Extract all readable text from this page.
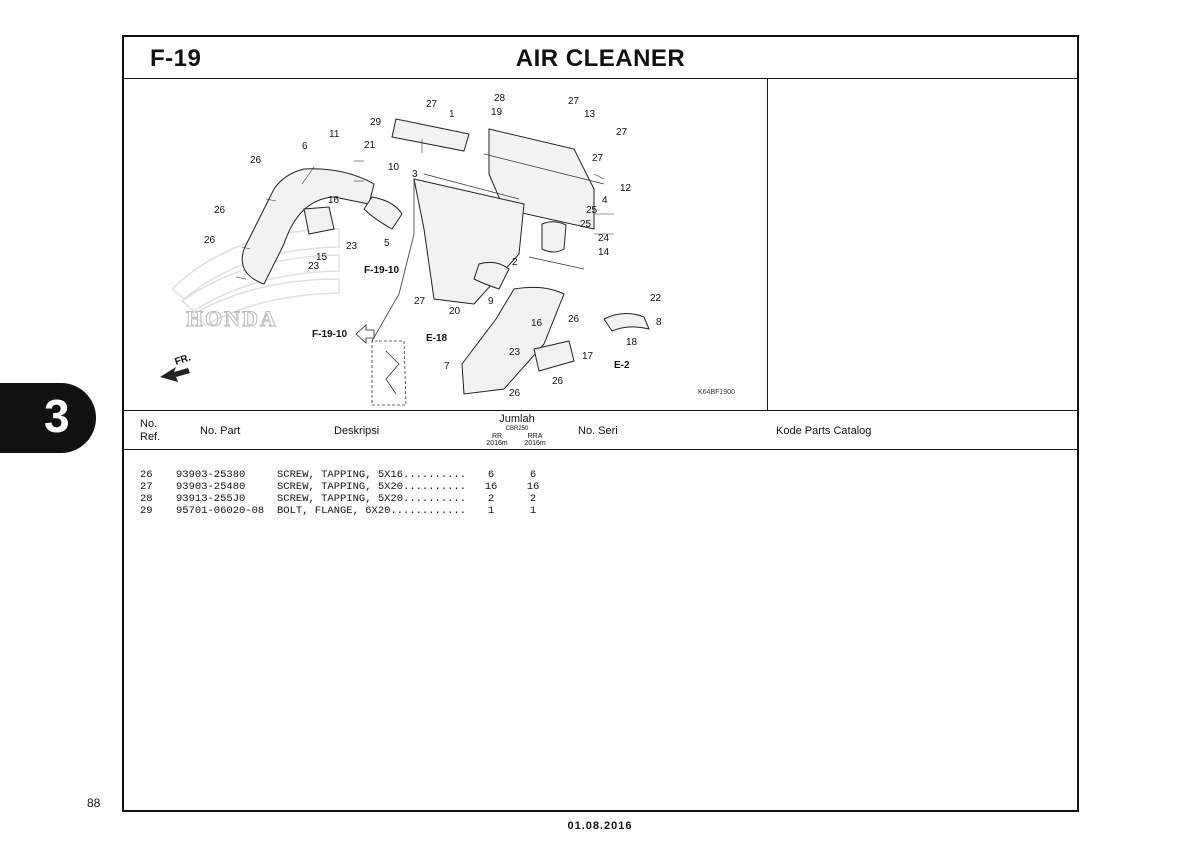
3
88
01.08.2016
F-19	AIR CLEANER
HONDA
1
2
3
4
5
6
7
8
9
10
11
12
13
14
15
16
16
17
18
19
20
21
22
23
23
23
24
25
25
26
26
26
26
26
26
27	27
27
27
27
28
29
F-19-10
F-19-10	E-18
E-2
FR.
K64BF1900
No.
Ref.	No. Part	Deskripsi
Jumlah
CBR250
RR
2016m
RRA
2016m
No. Seri	Kode Parts Catalog

26 93903-25380	SCREW, TAPPING, 5X16..........	6	6

27 93903-25480	SCREW, TAPPING, 5X20..........	16	16

28 93913-255J0	SCREW, TAPPING, 5X20..........	2	2

29 95701-06020-08 BOLT, FLANGE, 6X20............	1	1
